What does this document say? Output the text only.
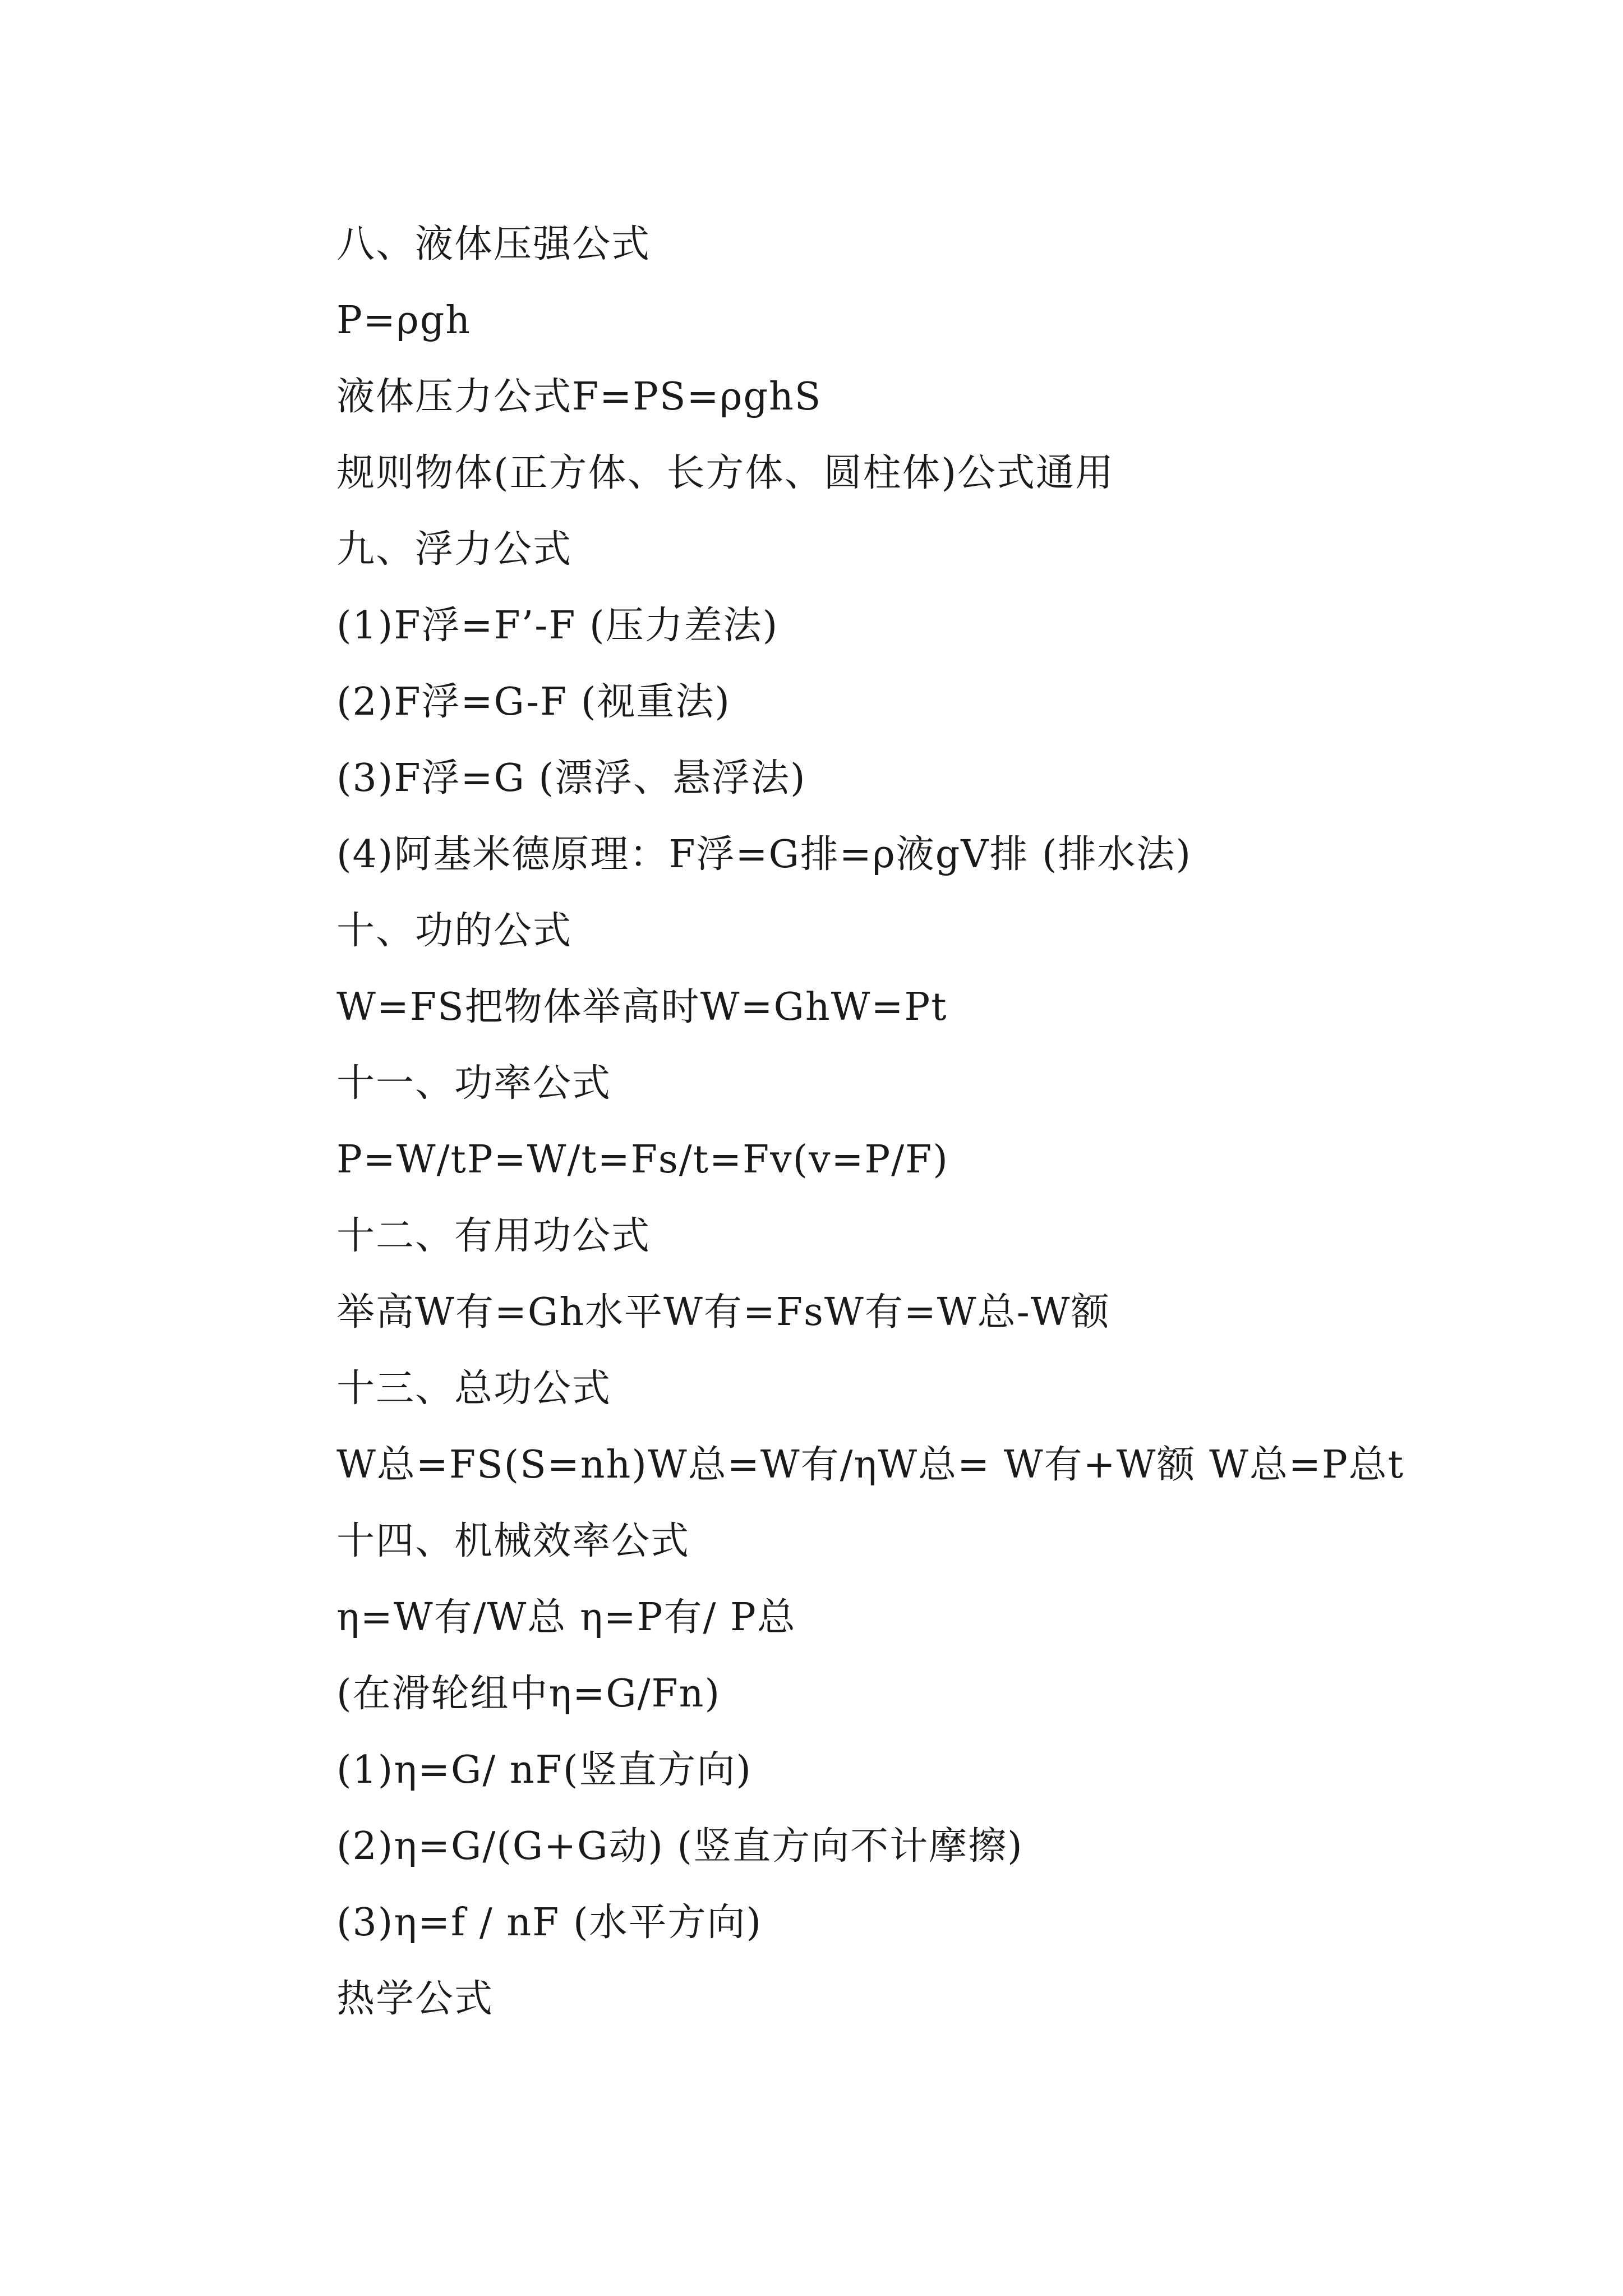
八、液体压强公式
P=ρgh
液体压力公式F=PS=ρghS
规则物体(正方体、长方体、圆柱体)公式通用
九、浮力公式
(1)F浮=F’-F (压力差法)
(2)F浮=G-F (视重法)
(3)F浮=G (漂浮、悬浮法)
(4)阿基米德原理：F浮=G排=ρ液gV排 (排水法)
十、功的公式
W=FS把物体举高时W=GhW=Pt
十一、功率公式
P=W/tP=W/t=Fs/t=Fv(v=P/F)
十二、有用功公式
举高W有=Gh水平W有=FsW有=W总-W额
十三、总功公式
W总=FS(S=nh)W总=W有/ηW总= W有+W额 W总=P总t
十四、机械效率公式
η=W有/W总 η=P有/ P总
(在滑轮组中η=G/Fn)
(1)η=G/ nF(竖直方向)
(2)η=G/(G+G动) (竖直方向不计摩擦)
(3)η=f / nF (水平方向)
热学公式
